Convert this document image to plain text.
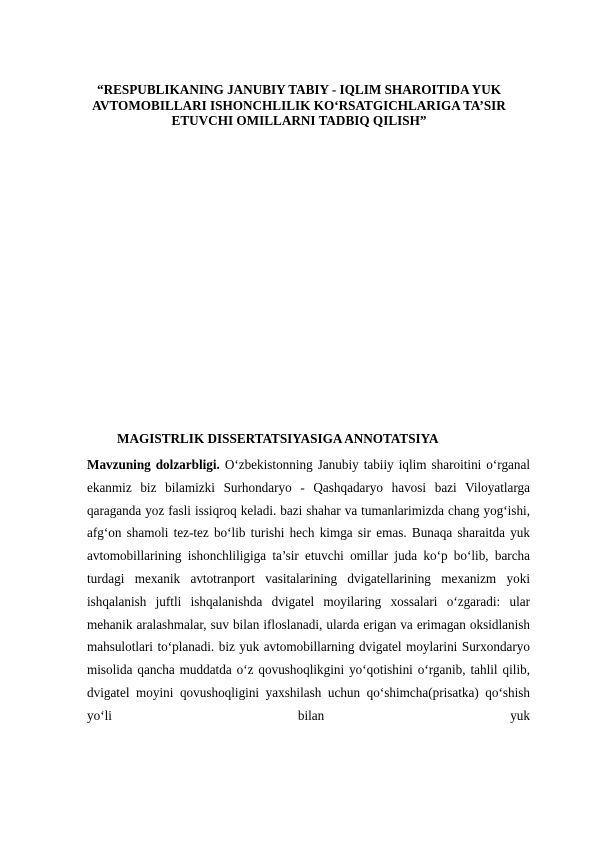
“RESPUBLIKANING JANUBIY TABIY - IQLIM SHAROITIDA YUK AVTOMOBILLARI ISHONCHLILIK KO‘RSATGICHLARIGA TA’SIR ETUVCHI OMILLARNI TADBIQ QILISH”
MAGISTRLIK DISSERTATSIYASIGA ANNOTATSIYA
Mavzuning dolzarbligi. O‘zbekistonning Janubiy tabiiy iqlim sharoitini o‘rganal ekanmiz biz bilamizki Surhondaryo - Qashqadaryo havosi bazi Viloyatlarga qaraganda yoz fasli issiqroq keladi. bazi shahar va tumanlarimizda chang yog‘ishi, afg‘on shamoli tez-tez bo‘lib turishi hech kimga sir emas. Bunaqa sharaitda yuk avtomobillarining ishonchliligiga ta’sir etuvchi omillar juda ko‘p bo‘lib, barcha turdagi mexanik avtotranport vasitalarining dvigatellarining mexanizm yoki ishqalanish juftli ishqalanishda dvigatel moyilaring xossalari o‘zgaradi: ular mehanik aralashmalar, suv bilan ifloslanadi, ularda erigan va erimagan oksidlanish mahsulotlari to‘planadi. biz yuk avtomobillarning dvigatel moylarini Surxondaryo misolida qancha muddatda o‘z qovushoqlikgini yo‘qotishini o‘rganib, tahlil qilib, dvigatel moyini qovushoqligini yaxshilash uchun qo‘shimcha(prisatka) qo‘shish yo‘li bilan yuk
